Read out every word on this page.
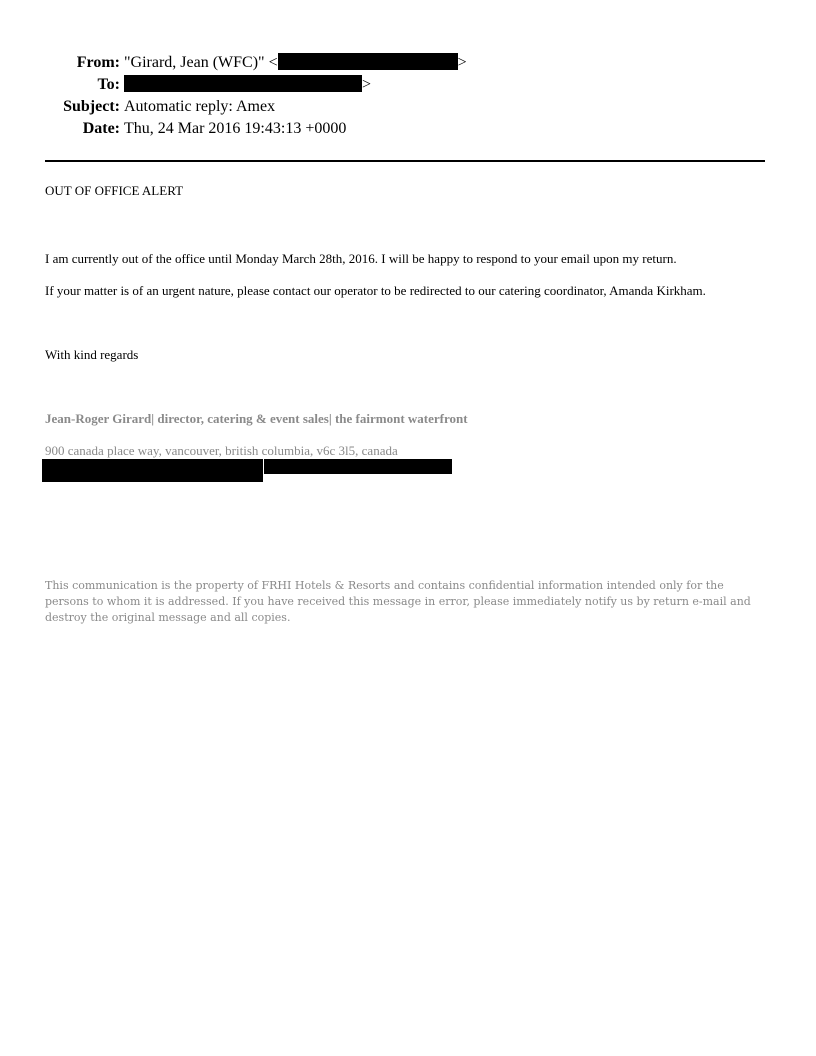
From: "Girard, Jean (WFC)" <	>
To:	>
Subject: Automatic reply: Amex
Date: Thu, 24 Mar 2016 19:43:13 +0000
OUT OF OFFICE ALERT
I am currently out of the office until Monday March 28th, 2016. I will be happy to respond to your email upon my return.
If your matter is of an urgent nature, please contact our operator to be redirected to our catering coordinator, Amanda Kirkham.
With kind regards
Jean-Roger Girard| director, catering & event sales| the fairmont waterfront
900 canada place way, vancouver, british columbia, v6c 3l5, canada
This communication is the property of FRHI Hotels & Resorts and contains confidential information intended only for the persons to whom it is addressed. If you have received this message in error, please immediately notify us by return e-mail and destroy the original message and all copies.
